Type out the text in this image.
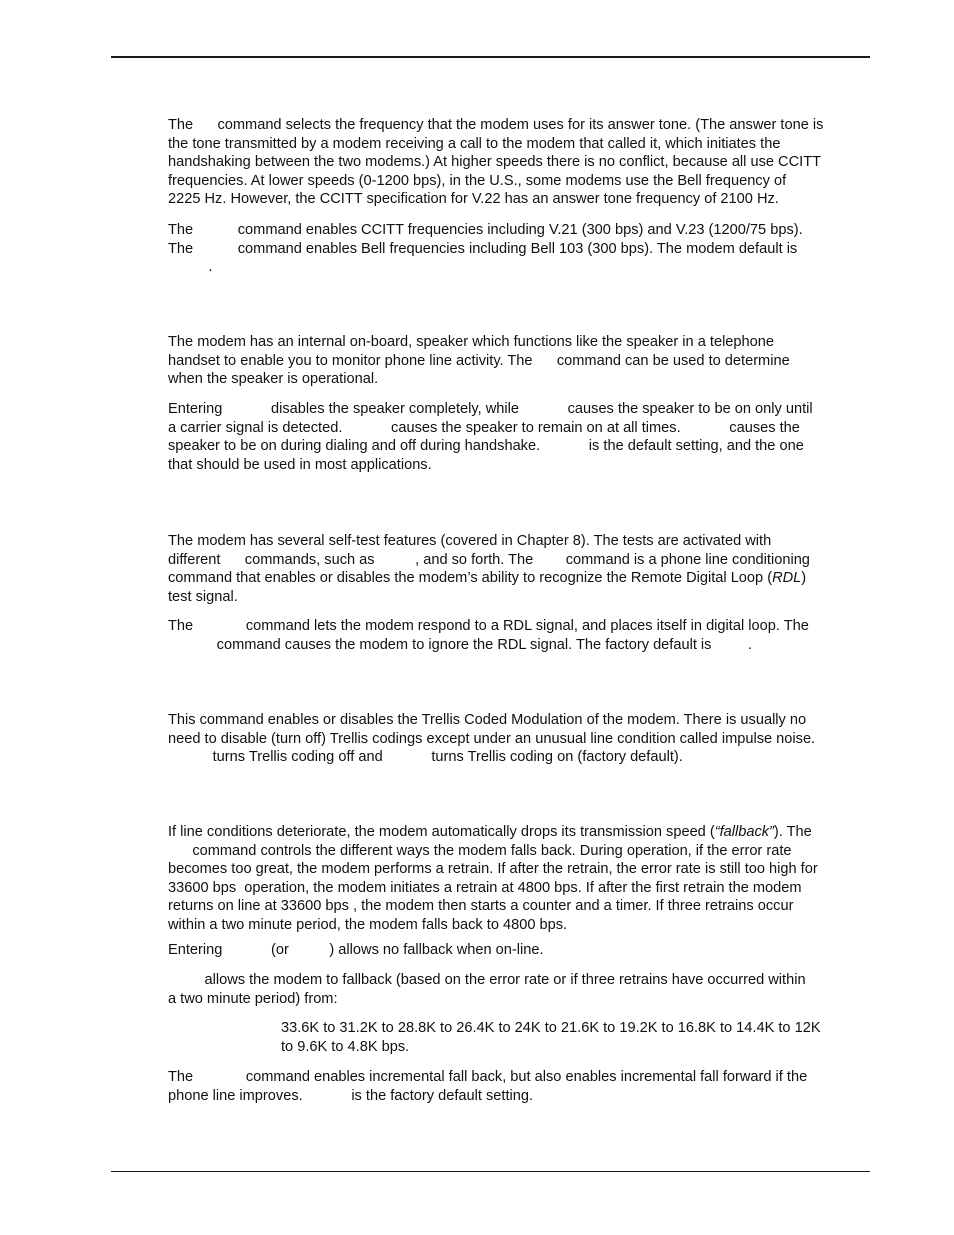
The      command selects the frequency that the modem uses for its answer tone. (The answer tone is
the tone transmitted by a modem receiving a call to the modem that called it, which initiates the
handshaking between the two modems.) At higher speeds there is no conflict, because all use CCITT
frequencies. At lower speeds (0-1200 bps), in the U.S., some modems use the Bell frequency of
2225 Hz. However, the CCITT specification for V.22 has an answer tone frequency of 2100 Hz.

The           command enables CCITT frequencies including V.21 (300 bps) and V.23 (1200/75 bps).
The           command enables Bell frequencies including Bell 103 (300 bps). The modem default is
.

The modem has an internal on-board, speaker which functions like the speaker in a telephone
handset to enable you to monitor phone line activity. The      command can be used to determine
when the speaker is operational.

Entering            disables the speaker completely, while            causes the speaker to be on only until
a carrier signal is detected.            causes the speaker to remain on at all times.            causes the
speaker to be on during dialing and off during handshake.            is the default setting, and the one
that should be used in most applications.

The modem has several self-test features (covered in Chapter 8). The tests are activated with
different      commands, such as          , and so forth. The        command is a phone line conditioning
command that enables or disables the modem’s ability to recognize the Remote Digital Loop (RDL)
test signal.

The             command lets the modem respond to a RDL signal, and places itself in digital loop. The
command causes the modem to ignore the RDL signal. The factory default is         .

This command enables or disables the Trellis Coded Modulation of the modem. There is usually no
need to disable (turn off) Trellis codings except under an unusual line condition called impulse noise.
turns Trellis coding off and            turns Trellis coding on (factory default).

If line conditions deteriorate, the modem automatically drops its transmission speed (“fallback”). The
command controls the different ways the modem falls back. During operation, if the error rate
becomes too great, the modem performs a retrain. If after the retrain, the error rate is still too high for
33600 bps  operation, the modem initiates a retrain at 4800 bps. If after the first retrain the modem
returns on line at 33600 bps , the modem then starts a counter and a timer. If three retrains occur
within a two minute period, the modem falls back to 4800 bps.

Entering            (or          ) allows no fallback when on-line.

allows the modem to fallback (based on the error rate or if three retrains have occurred within
a two minute period) from:

33.6K to 31.2K to 28.8K to 26.4K to 24K to 21.6K to 19.2K to 16.8K to 14.4K to 12K
to 9.6K to 4.8K bps.

The             command enables incremental fall back, but also enables incremental fall forward if the
phone line improves.            is the factory default setting.
